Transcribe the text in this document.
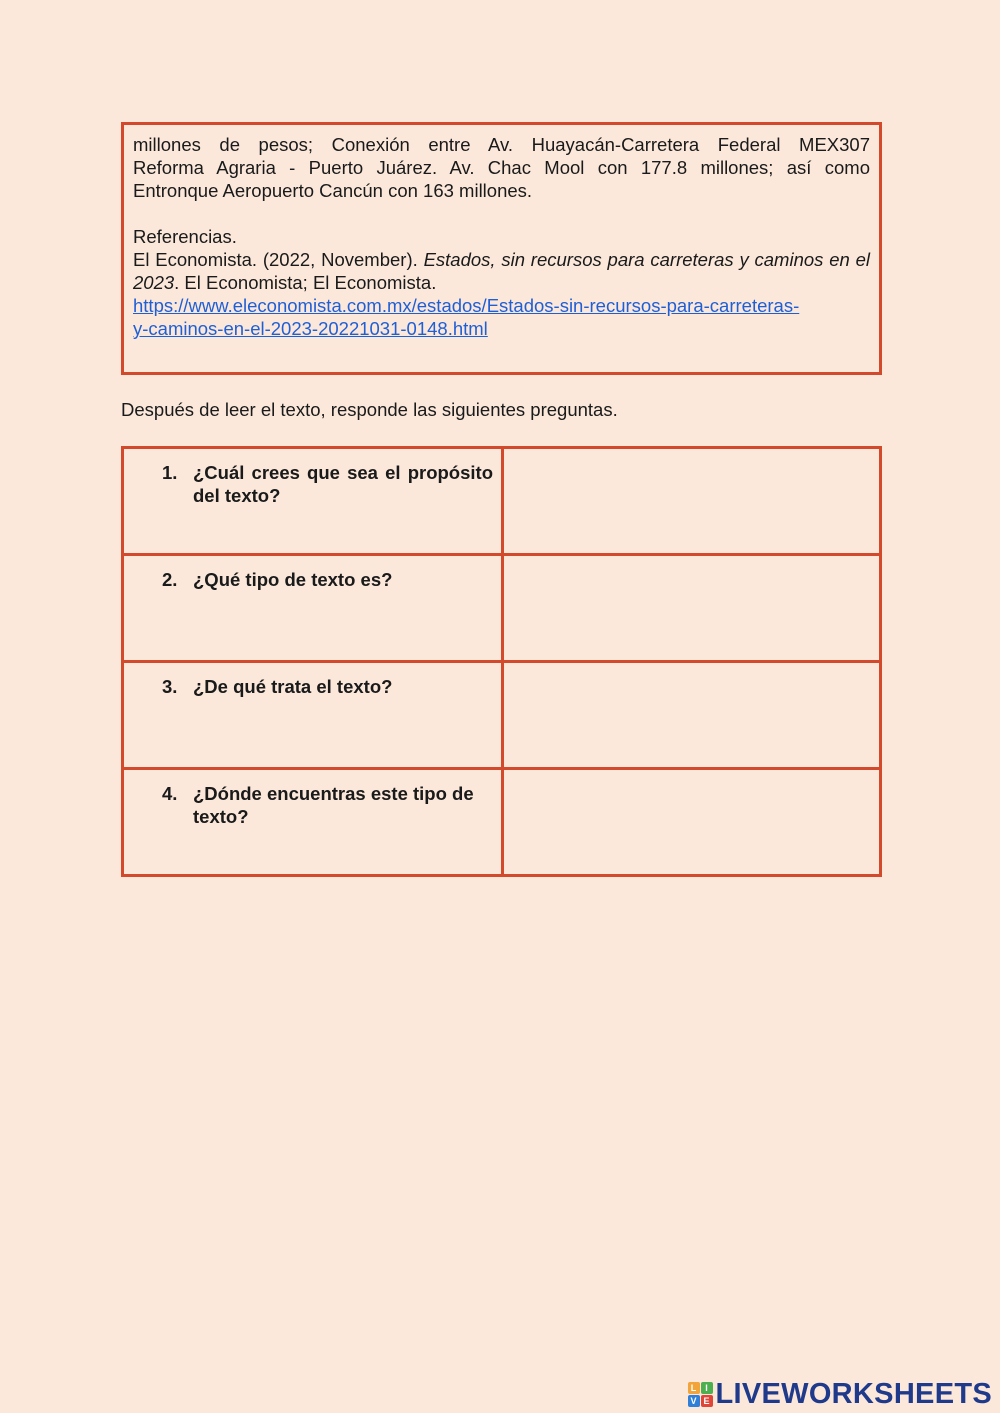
millones de pesos; Conexión entre Av. Huayacán-Carretera Federal MEX307

Reforma Agraria - Puerto Juárez. Av. Chac Mool con 177.8 millones; así como

Entronque Aeropuerto Cancún con 163 millones.

Referencias.

El Economista. (2022, November). Estados, sin recursos para carreteras y caminos en el 2023. El Economista; El Economista.

https://www.eleconomista.com.mx/estados/Estados-sin-recursos-para-carreteras-
y-caminos-en-el-2023-20221031-0148.html

Después de leer el texto, responde las siguientes preguntas.
1. ¿Cuál crees que sea el propósito del texto?	

2. ¿Qué tipo de texto es?	

3. ¿De qué trata el texto?	

4. ¿Dónde encuentras este tipo de texto?	

L I
V E LIVEWORKSHEETS
